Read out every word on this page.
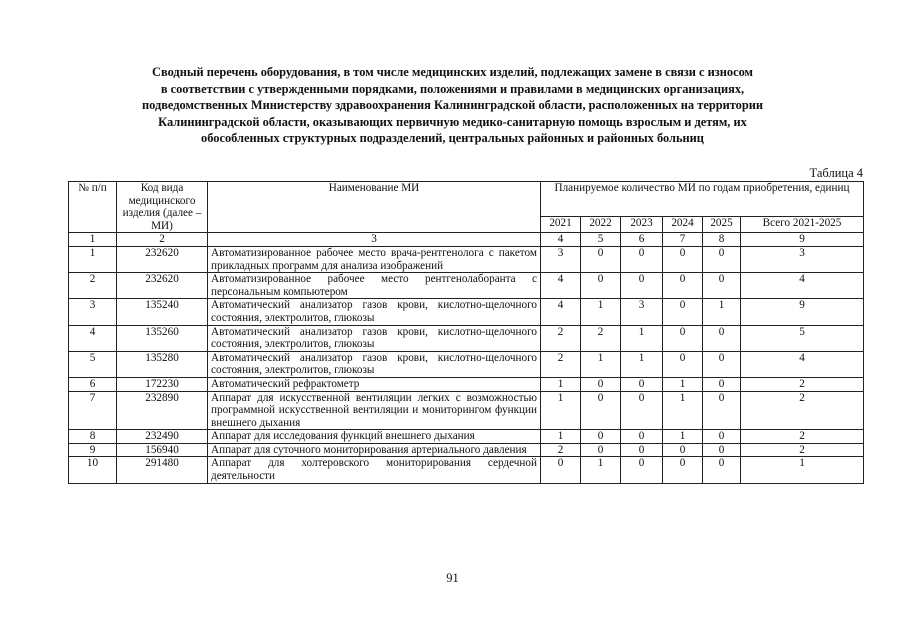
Сводный перечень оборудования, в том числе медицинских изделий, подлежащих замене в связи с износом
в соответствии с утвержденными порядками, положениями и правилами в медицинских организациях,
подведомственных Министерству здравоохранения Калининградской области, расположенных на территории
Калининградской области, оказывающих первичную медико-санитарную помощь взрослым и детям, их
обособленных структурных подразделений, центральных районных и районных больниц
Таблица 4
№ п/п	Код вида медицинского изделия (далее – МИ)	Наименование МИ	Планируемое количество МИ по годам приобретения, единиц					
			2021	2022	2023	2024	2025	Всего 2021-2025
1	2	3	4	5	6	7	8	9
1	232620	Автоматизированное рабочее место врача-рентгенолога с пакетом прикладных программ для анализа изображений	3	0	0	0	0	3
2	232620	Автоматизированное рабочее место рентгенолаборанта с персональным компьютером	4	0	0	0	0	4
3	135240	Автоматический анализатор газов крови, кислотно-щелочного состояния, электролитов, глюкозы	4	1	3	0	1	9
4	135260	Автоматический анализатор газов крови, кислотно-щелочного состояния, электролитов, глюкозы	2	2	1	0	0	5
5	135280	Автоматический анализатор газов крови, кислотно-щелочного состояния, электролитов, глюкозы	2	1	1	0	0	4
6	172230	Автоматический рефрактометр	1	0	0	1	0	2
7	232890	Аппарат для искусственной вентиляции легких с возможностью программной искусственной вентиляции и мониторингом функции внешнего дыхания	1	0	0	1	0	2
8	232490	Аппарат для исследования функций внешнего дыхания	1	0	0	1	0	2
9	156940	Аппарат для суточного мониторирования артериального давления	2	0	0	0	0	2
10	291480	Аппарат для холтеровского мониторирования сердечной деятельности	0	1	0	0	0	1
91
